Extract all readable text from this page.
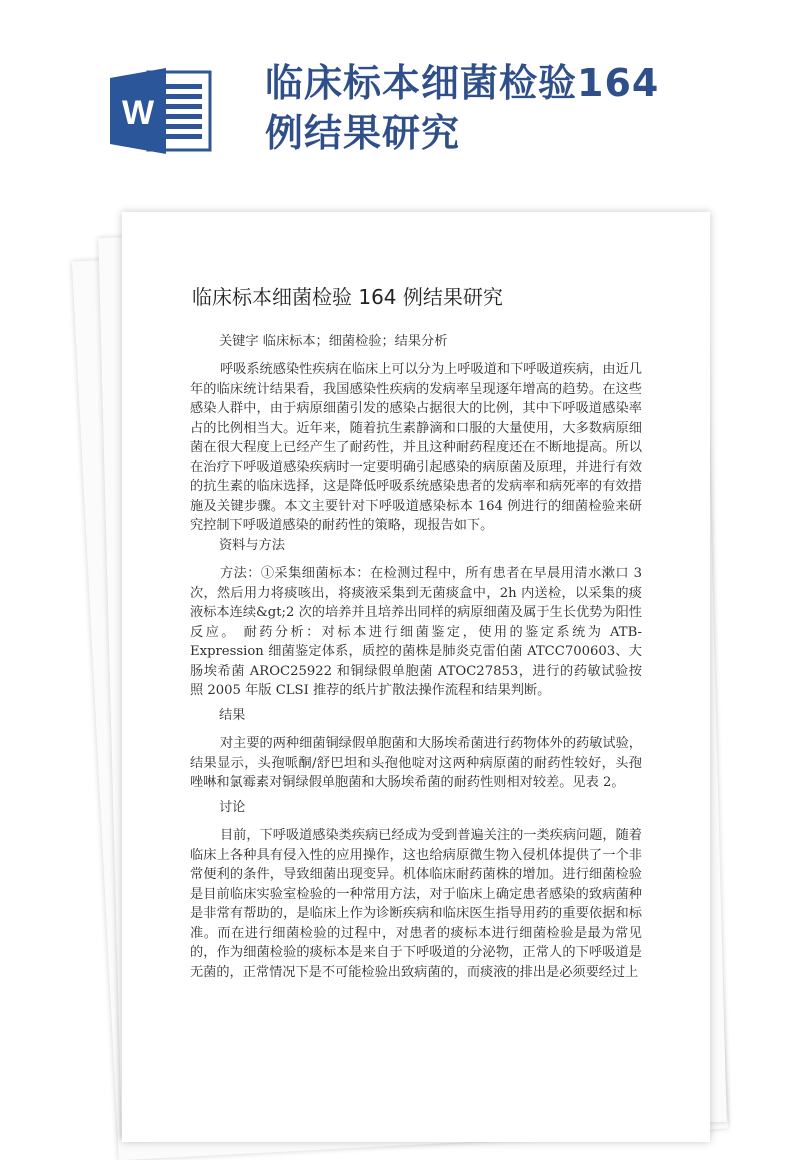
W
临床标本细菌检验164例结果研究
临床标本细菌检验 164 例结果研究

关键字 临床标本；细菌检验；结果分析

呼吸系统感染性疾病在临床上可以分为上呼吸道和下呼吸道疾病，由近几年的临床统计结果看，我国感染性疾病的发病率呈现逐年增高的趋势。在这些感染人群中，由于病原细菌引发的感染占据很大的比例，其中下呼吸道感染率占的比例相当大。近年来，随着抗生素静滴和口服的大量使用，大多数病原细菌在很大程度上已经产生了耐药性，并且这种耐药程度还在不断地提高。所以在治疗下呼吸道感染疾病时一定要明确引起感染的病原菌及原理，并进行有效的抗生素的临床选择，这是降低呼吸系统感染患者的发病率和病死率的有效措施及关键步骤。本文主要针对下呼吸道感染标本 164 例进行的细菌检验来研究控制下呼吸道感染的耐药性的策略，现报告如下。

资料与方法

方法：①采集细菌标本：在检测过程中，所有患者在早晨用清水漱口 3 次，然后用力将痰咳出，将痰液采集到无菌痰盒中，2h 内送检，以采集的痰液标本连续&gt;2 次的培养并且培养出同样的病原细菌及属于生长优势为阳性反应。 耐药分析：对标本进行细菌鉴定，使用的鉴定系统为 ATB-Expression 细菌鉴定体系，质控的菌株是肺炎克雷伯菌 ATCC700603、大肠埃希菌 AROC25922 和铜绿假单胞菌 ATOC27853，进行的药敏试验按照 2005 年版 CLSI 推荐的纸片扩散法操作流程和结果判断。

结果

对主要的两种细菌铜绿假单胞菌和大肠埃希菌进行药物体外的药敏试验，结果显示，头孢哌酮/舒巴坦和头孢他啶对这两种病原菌的耐药性较好，头孢唑啉和氯霉素对铜绿假单胞菌和大肠埃希菌的耐药性则相对较差。见表 2。

讨论

目前，下呼吸道感染类疾病已经成为受到普遍关注的一类疾病问题，随着临床上各种具有侵入性的应用操作，这也给病原微生物入侵机体提供了一个非常便利的条件，导致细菌出现变异。机体临床耐药菌株的增加。进行细菌检验是目前临床实验室检验的一种常用方法，对于临床上确定患者感染的致病菌种是非常有帮助的，是临床上作为诊断疾病和临床医生指导用药的重要依据和标准。而在进行细菌检验的过程中，对患者的痰标本进行细菌检验是最为常见的，作为细菌检验的痰标本是来自于下呼吸道的分泌物，正常人的下呼吸道是无菌的，正常情况下是不可能检验出致病菌的，而痰液的排出是必须要经过上
